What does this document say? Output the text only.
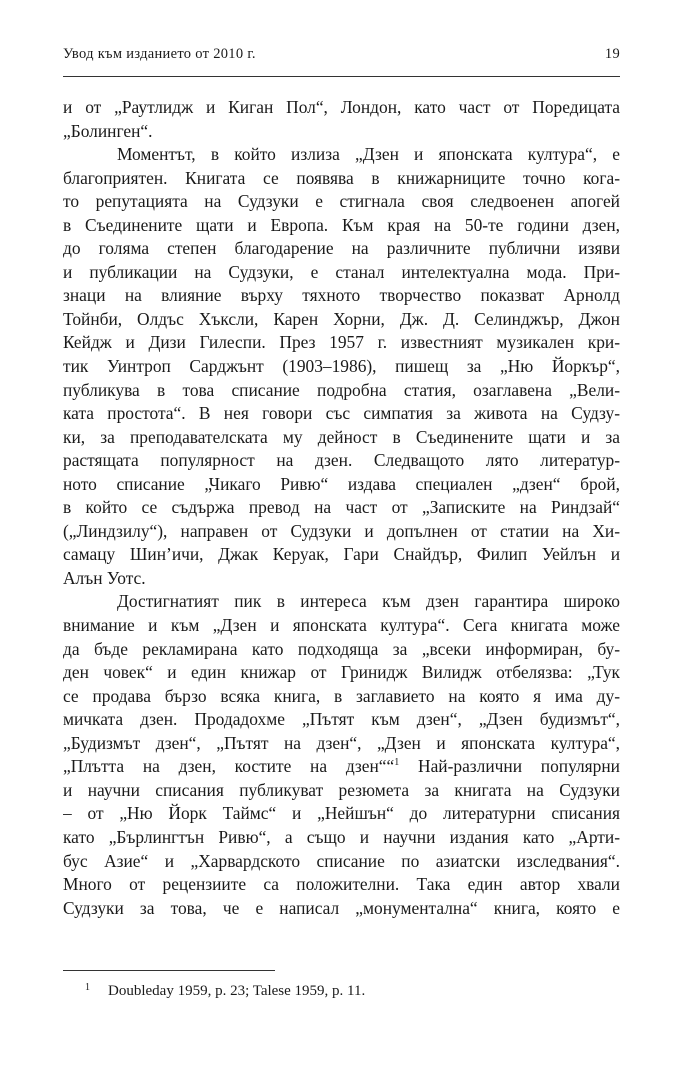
Увод към изданието от 2010 г.	19
и от „Раутлидж и Киган Пол“, Лондон, като част от Поредицата
„Болинген“.
Моментът, в който излиза „Дзен и японската култура“, е
благоприятен. Книгата се появява в книжарниците точно кога-
то репутацията на Судзуки е стигнала своя следвоенен апогей
в Съединените щати и Европа. Към края на 50-те години дзен,
до голяма степен благодарение на различните публични изяви
и публикации на Судзуки, е станал интелектуална мода. При-
знаци на влияние върху тяхното творчество показват Арнолд
Тойнби, Олдъс Хъксли, Карен Хорни, Дж. Д. Селинджър, Джон
Кейдж и Дизи Гилеспи. През 1957 г. известният музикален кри-
тик Уинтроп Сарджънт (1903–1986), пишещ за „Ню Йоркър“,
публикува в това списание подробна статия, озаглавена „Вели-
ката простота“. В нея говори със симпатия за живота на Судзу-
ки, за преподавателската му дейност в Съединените щати и за
растящата популярност на дзен. Следващото лято литератур-
ното списание „Чикаго Ривю“ издава специален „дзен“ брой,
в който се съдържа превод на част от „Записките на Риндзай“
(„Линдзилу“), направен от Судзуки и допълнен от статии на Хи-
самацу Шин’ичи, Джак Керуак, Гари Снайдър, Филип Уейлън и
Алън Уотс.
Достигнатият пик в интереса към дзен гарантира широко
внимание и към „Дзен и японската култура“. Сега книгата може
да бъде рекламирана като подходяща за „всеки информиран, бу-
ден човек“ и един книжар от Гринидж Вилидж отбелязва: „Тук
се продава бързо всяка книга, в заглавието на която я има ду-
мичката дзен. Продадохме „Пътят към дзен“, „Дзен будизмът“,
„Будизмът дзен“, „Пътят на дзен“, „Дзен и японската култура“,
„Плътта на дзен, костите на дзен““$^1$ Най-различни популярни
и научни списания публикуват резюмета за книгата на Судзуки
– от „Ню Йорк Таймс“ и „Нейшън“ до литературни списания
като „Бърлингтън Ривю“, а също и научни издания като „Арти-
бус Азие“ и „Харвардското списание по азиатски изследвания“.
Много от рецензиите са положителни. Така един автор хвали
Судзуки за това, че е написал „монументална“ книга, която е
$^1$ Doubleday 1959, p. 23; Talese 1959, p. 11.
